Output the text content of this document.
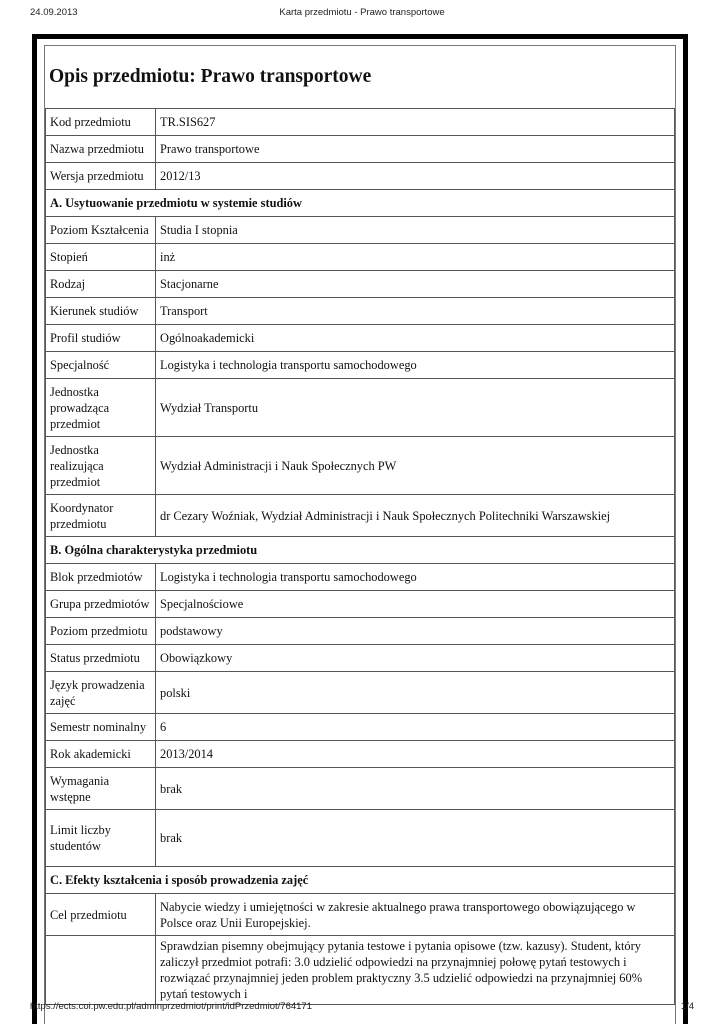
24.09.2013	Karta przedmiotu - Prawo transportowe
Opis przedmiotu: Prawo transportowe
Kod przedmiotu	TR.SIS627
Nazwa przedmiotu	Prawo transportowe
Wersja przedmiotu	2012/13
A. Usytuowanie przedmiotu w systemie studiów	
Poziom Kształcenia	Studia I stopnia
Stopień	inż
Rodzaj	Stacjonarne
Kierunek studiów	Transport
Profil studiów	Ogólnoakademicki
Specjalność	Logistyka i technologia transportu samochodowego
Jednostka prowadząca przedmiot	Wydział Transportu
Jednostka realizująca przedmiot	Wydział Administracji i Nauk Społecznych PW
Koordynator przedmiotu	dr Cezary Woźniak, Wydział Administracji i Nauk Społecznych Politechniki Warszawskiej
B. Ogólna charakterystyka przedmiotu	
Blok przedmiotów	Logistyka i technologia transportu samochodowego
Grupa przedmiotów	Specjalnościowe
Poziom przedmiotu	podstawowy
Status przedmiotu	Obowiązkowy
Język prowadzenia zajęć	polski
Semestr nominalny	6
Rok akademicki	2013/2014
Wymagania wstępne	brak
Limit liczby studentów	brak
C. Efekty kształcenia i sposób prowadzenia zajęć	
Cel przedmiotu	Nabycie wiedzy i umiejętności w zakresie aktualnego prawa transportowego obowiązującego w Polsce oraz Unii Europejskiej.
	Sprawdzian pisemny obejmujący pytania testowe i pytania opisowe (tzw. kazusy). Student, który zaliczył przedmiot potrafi: 3.0 udzielić odpowiedzi na przynajmniej połowę pytań testowych i rozwiązać przynajmniej jeden problem praktyczny 3.5 udzielić odpowiedzi na przynajmniej 60% pytań testowych i
https://ects.coi.pw.edu.pl/adminprzedmiot/print/idPrzedmiot/764171	1/4
